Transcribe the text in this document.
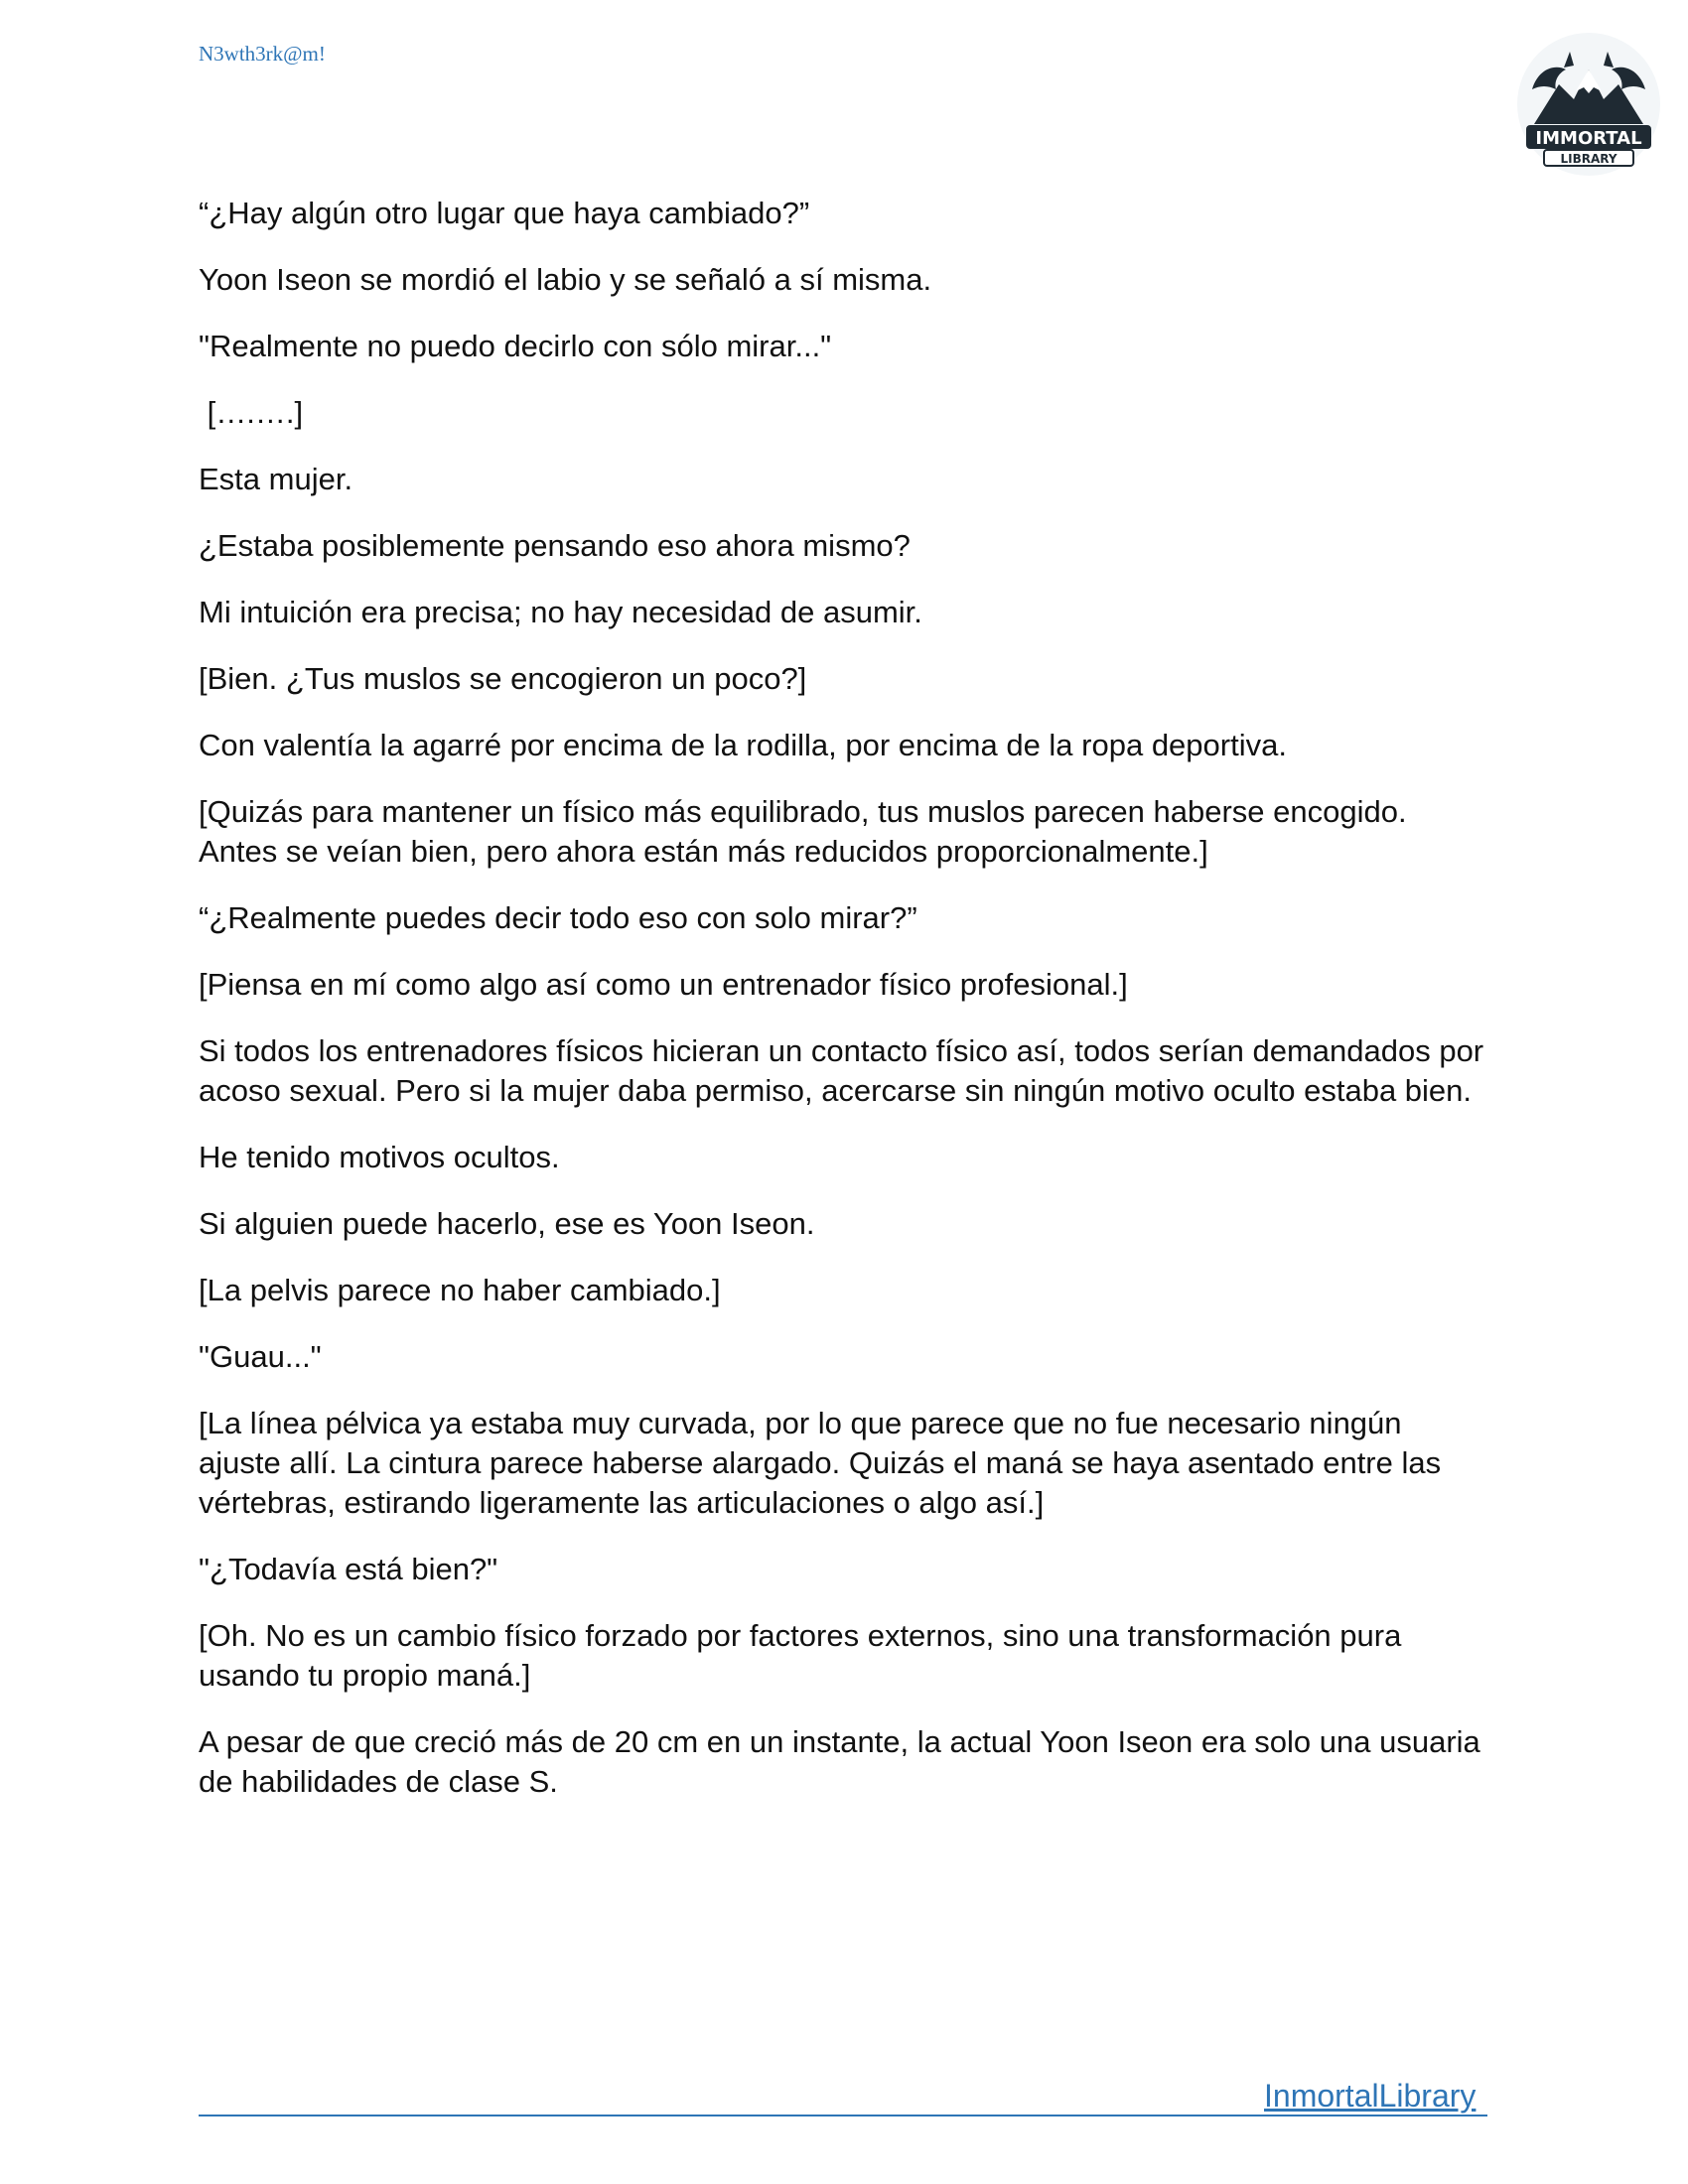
N3wth3rk@m!
IMMORTAL
LIBRARY

“¿Hay algún otro lugar que haya cambiado?”

Yoon Iseon se mordió el labio y se señaló a sí misma.

"Realmente no puedo decirlo con sólo mirar..."

[….….]

Esta mujer.

¿Estaba posiblemente pensando eso ahora mismo?

Mi intuición era precisa; no hay necesidad de asumir.

[Bien. ¿Tus muslos se encogieron un poco?]

Con valentía la agarré por encima de la rodilla, por encima de la ropa deportiva.

[Quizás para mantener un físico más equilibrado, tus muslos parecen haberse encogido. Antes se veían bien, pero ahora están más reducidos proporcionalmente.]

“¿Realmente puedes decir todo eso con solo mirar?”

[Piensa en mí como algo así como un entrenador físico profesional.]

Si todos los entrenadores físicos hicieran un contacto físico así, todos serían demandados por acoso sexual. Pero si la mujer daba permiso, acercarse sin ningún motivo oculto estaba bien.

He tenido motivos ocultos.

Si alguien puede hacerlo, ese es Yoon Iseon.

[La pelvis parece no haber cambiado.]

"Guau..."

[La línea pélvica ya estaba muy curvada, por lo que parece que no fue necesario ningún ajuste allí. La cintura parece haberse alargado. Quizás el maná se haya asentado entre las vértebras, estirando ligeramente las articulaciones o algo así.]

"¿Todavía está bien?"

[Oh. No es un cambio físico forzado por factores externos, sino una transformación pura usando tu propio maná.]

A pesar de que creció más de 20 cm en un instante, la actual Yoon Iseon era solo una usuaria de habilidades de clase S.

InmortalLibrary
